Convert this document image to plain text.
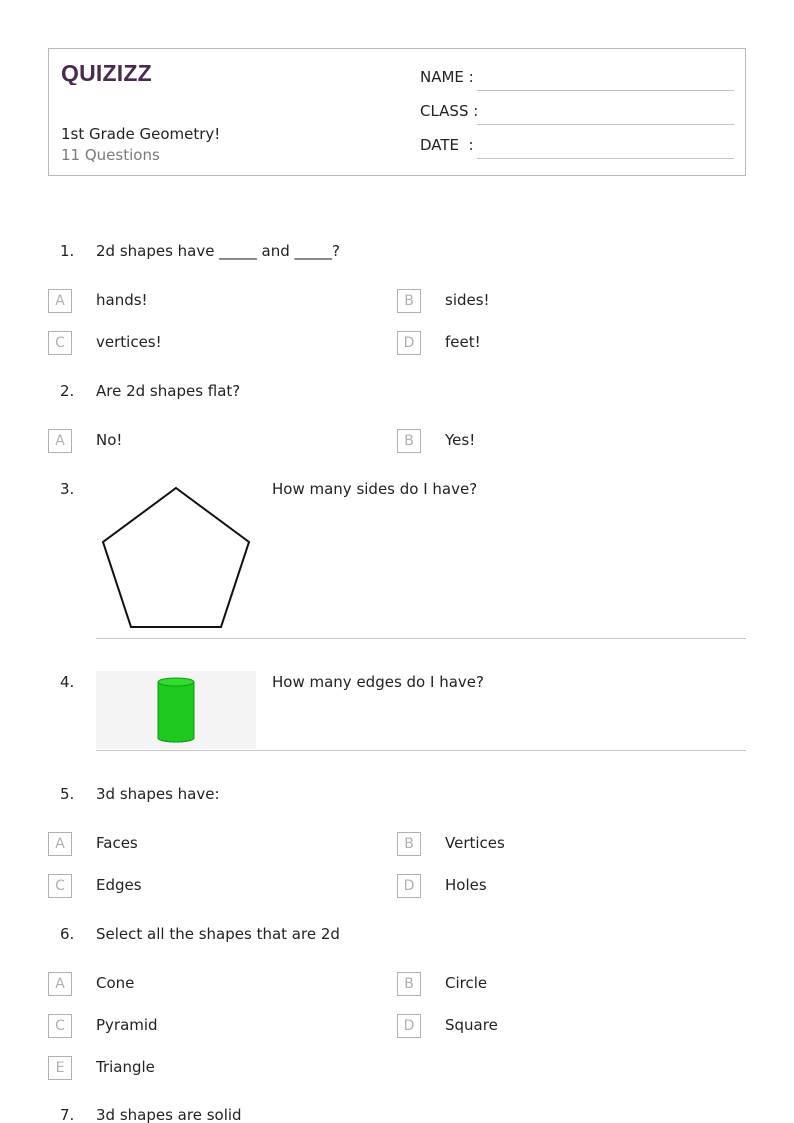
QUIZIZZ
1st Grade Geometry!
11 Questions
NAME :
CLASS :
DATE  :
1. 2d shapes have _____ and _____?
A	hands!	B	sides!
C	vertices!	D	feet!
2. Are 2d shapes flat?
A	No!	B	Yes!
3.	How many sides do I have?
4.	How many edges do I have?
5. 3d shapes have:
A	Faces	B	Vertices
C	Edges	D	Holes
6. Select all the shapes that are 2d
A	Cone	B	Circle
C	Pyramid	D	Square
E	Triangle
7. 3d shapes are solid
